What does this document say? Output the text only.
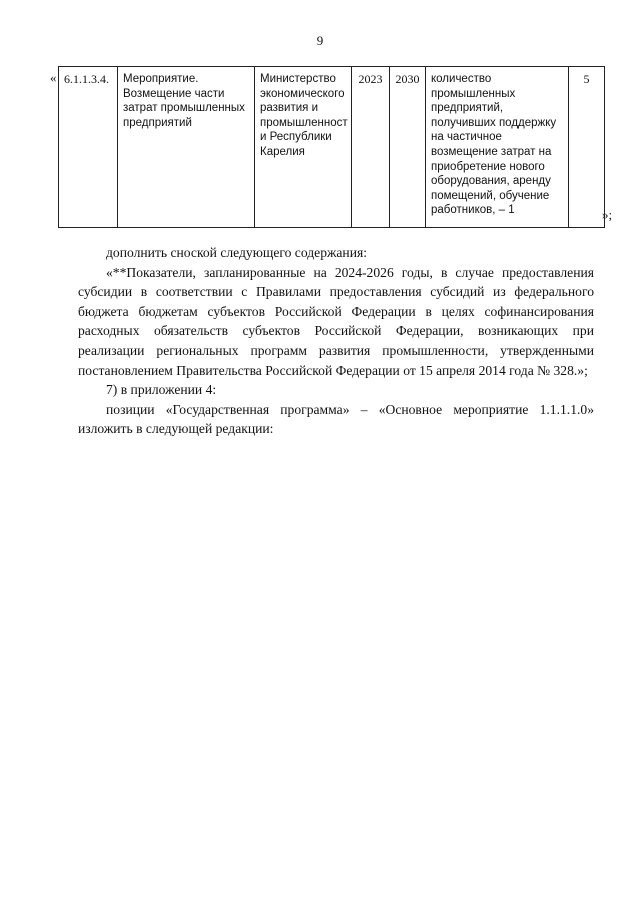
9
« 6.1.1.3.4.	Мероприятие. Возмещение части затрат промышленных предприятий	Министерство экономического развития и промышленност и Республики Карелия	2023	2030	количество промышленных предприятий, получивших поддержку на частичное возмещение затрат на приобретение нового оборудования, аренду помещений, обучение работников, – 1	5
»;

дополнить сноской следующего содержания:

«**Показатели, запланированные на 2024-2026 годы, в случае предоставления субсидии в соответствии с Правилами предоставления субсидий из федерального бюджета бюджетам субъектов Российской Федерации в целях софинансирования расходных обязательств субъектов Российской Федерации, возникающих при реализации региональных программ развития промышленности, утвержденными постановлением Правительства Российской Федерации от 15 апреля 2014 года № 328.»;

7) в приложении 4:

позиции «Государственная программа» – «Основное мероприятие 1.1.1.1.0» изложить в следующей редакции:
